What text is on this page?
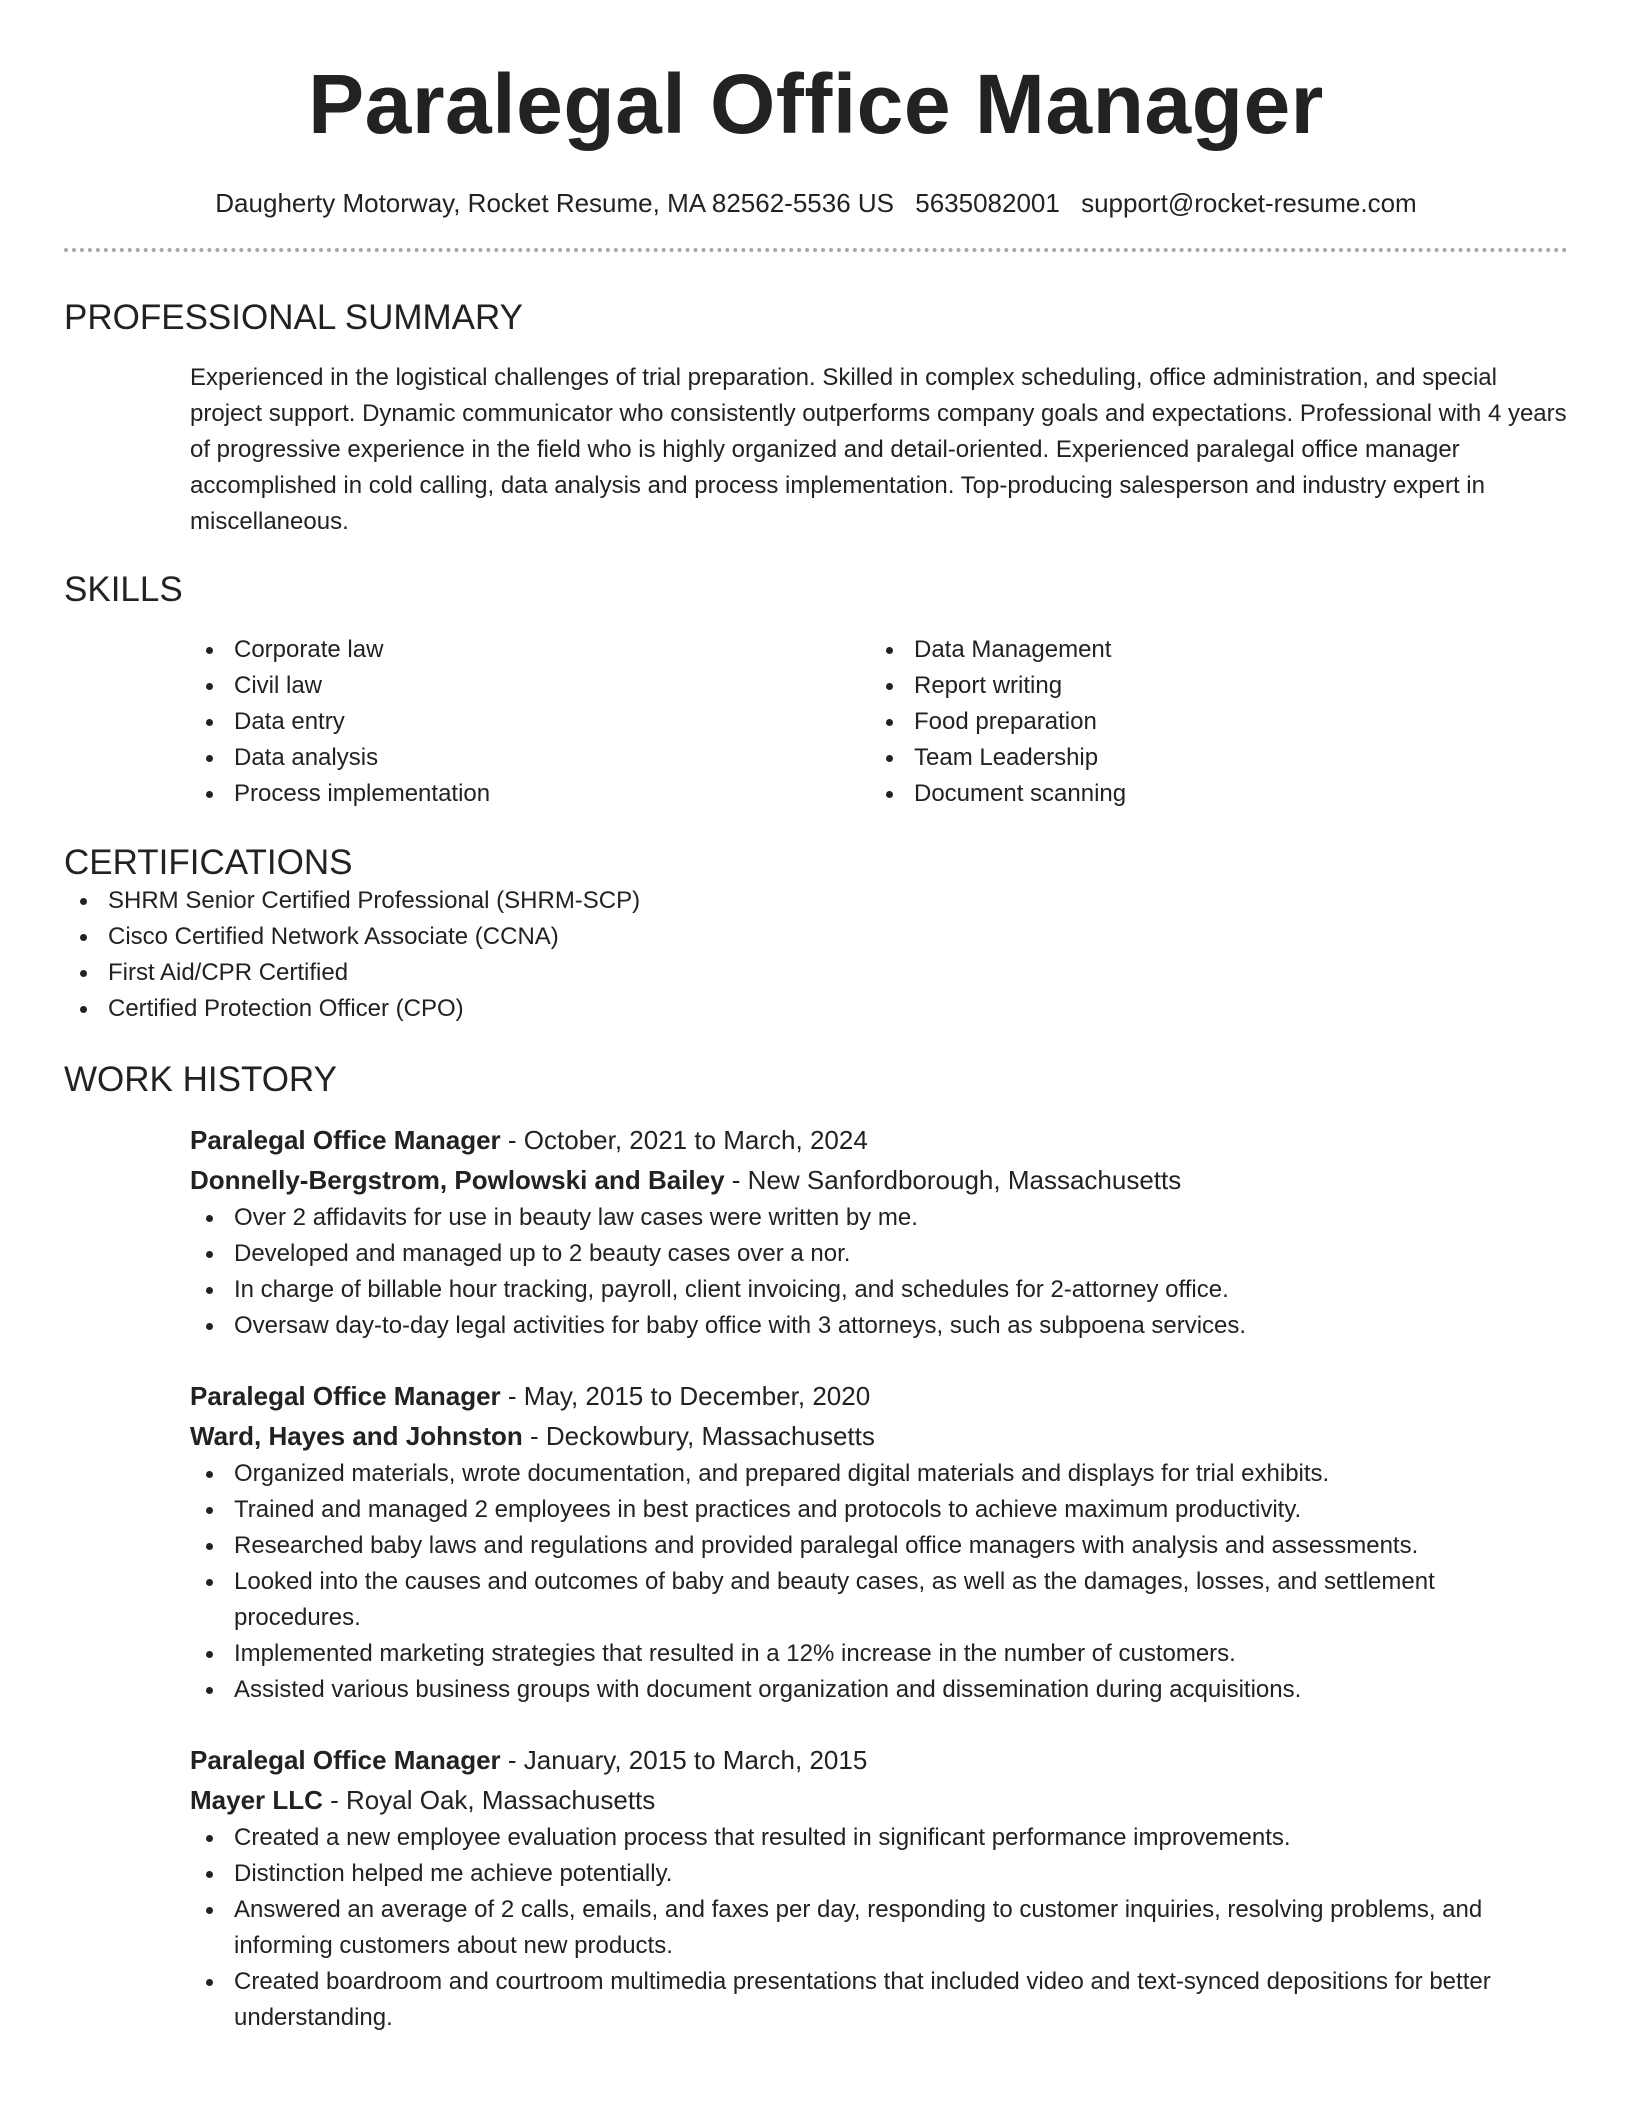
Paralegal Office Manager
Daugherty Motorway, Rocket Resume, MA 82562-5536 US 5635082001 support@rocket-resume.com
PROFESSIONAL SUMMARY
Experienced in the logistical challenges of trial preparation. Skilled in complex scheduling, office administration, and special project support. Dynamic communicator who consistently outperforms company goals and expectations. Professional with 4 years of progressive experience in the field who is highly organized and detail-oriented. Experienced paralegal office manager accomplished in cold calling, data analysis and process implementation. Top-producing salesperson and industry expert in miscellaneous.
SKILLS
Corporate law
Civil law
Data entry
Data analysis
Process implementation
Data Management
Report writing
Food preparation
Team Leadership
Document scanning
CERTIFICATIONS
SHRM Senior Certified Professional (SHRM-SCP)
Cisco Certified Network Associate (CCNA)
First Aid/CPR Certified
Certified Protection Officer (CPO)
WORK HISTORY
Paralegal Office Manager - October, 2021 to March, 2024
Donnelly-Bergstrom, Powlowski and Bailey - New Sanfordborough, Massachusetts
Over 2 affidavits for use in beauty law cases were written by me.
Developed and managed up to 2 beauty cases over a nor.
In charge of billable hour tracking, payroll, client invoicing, and schedules for 2-attorney office.
Oversaw day-to-day legal activities for baby office with 3 attorneys, such as subpoena services.
Paralegal Office Manager - May, 2015 to December, 2020
Ward, Hayes and Johnston - Deckowbury, Massachusetts
Organized materials, wrote documentation, and prepared digital materials and displays for trial exhibits.
Trained and managed 2 employees in best practices and protocols to achieve maximum productivity.
Researched baby laws and regulations and provided paralegal office managers with analysis and assessments.
Looked into the causes and outcomes of baby and beauty cases, as well as the damages, losses, and settlement procedures.
Implemented marketing strategies that resulted in a 12% increase in the number of customers.
Assisted various business groups with document organization and dissemination during acquisitions.
Paralegal Office Manager - January, 2015 to March, 2015
Mayer LLC - Royal Oak, Massachusetts
Created a new employee evaluation process that resulted in significant performance improvements.
Distinction helped me achieve potentially.
Answered an average of 2 calls, emails, and faxes per day, responding to customer inquiries, resolving problems, and informing customers about new products.
Created boardroom and courtroom multimedia presentations that included video and text-synced depositions for better understanding.
